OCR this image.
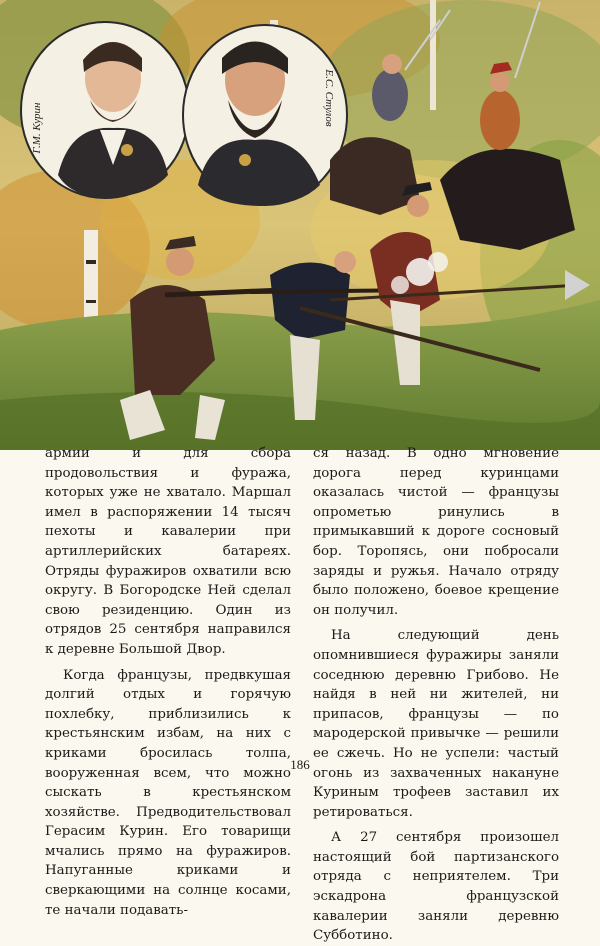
Г.М. Курин
Е.С. Стулов

армии и для сбора продовольствия и фуража, которых уже не хватало. Маршал имел в распоряжении 14 тысяч пехоты и кавалерии при артиллерийских батареях. Отряды фуражиров охватили всю округу. В Богородске Ней сделал свою резиденцию. Один из отрядов 25 сентября направился к деревне Большой Двор.

Когда французы, предвкушая долгий отдых и горячую похлебку, приблизились к крестьянским избам, на них с криками бросилась толпа, вооруженная всем, что можно сыскать в крестьянском хозяйстве. Предводительствовал Герасим Курин. Его товарищи мчались прямо на фуражиров. Напуганные криками и сверкающими на солнце косами, те начали подавать-

ся назад. В одно мгновение дорога перед куринцами оказалась чистой — французы опрометью ринулись в примыкавший к дороге сосновый бор. Торопясь, они побросали заряды и ружья. Начало отряду было положено, боевое крещение он получил.

На следующий день опомнившиеся фуражиры заняли соседнюю деревню Грибово. Не найдя в ней ни жителей, ни припасов, французы — по мародерской привычке — решили ее сжечь. Но не успели: частый огонь из захваченных накануне Куриным трофеев заставил их ретироваться.

А 27 сентября произошел настоящий бой партизанского отряда с неприятелем. Три эскадрона французской кавалерии заняли деревню Субботино.

186
